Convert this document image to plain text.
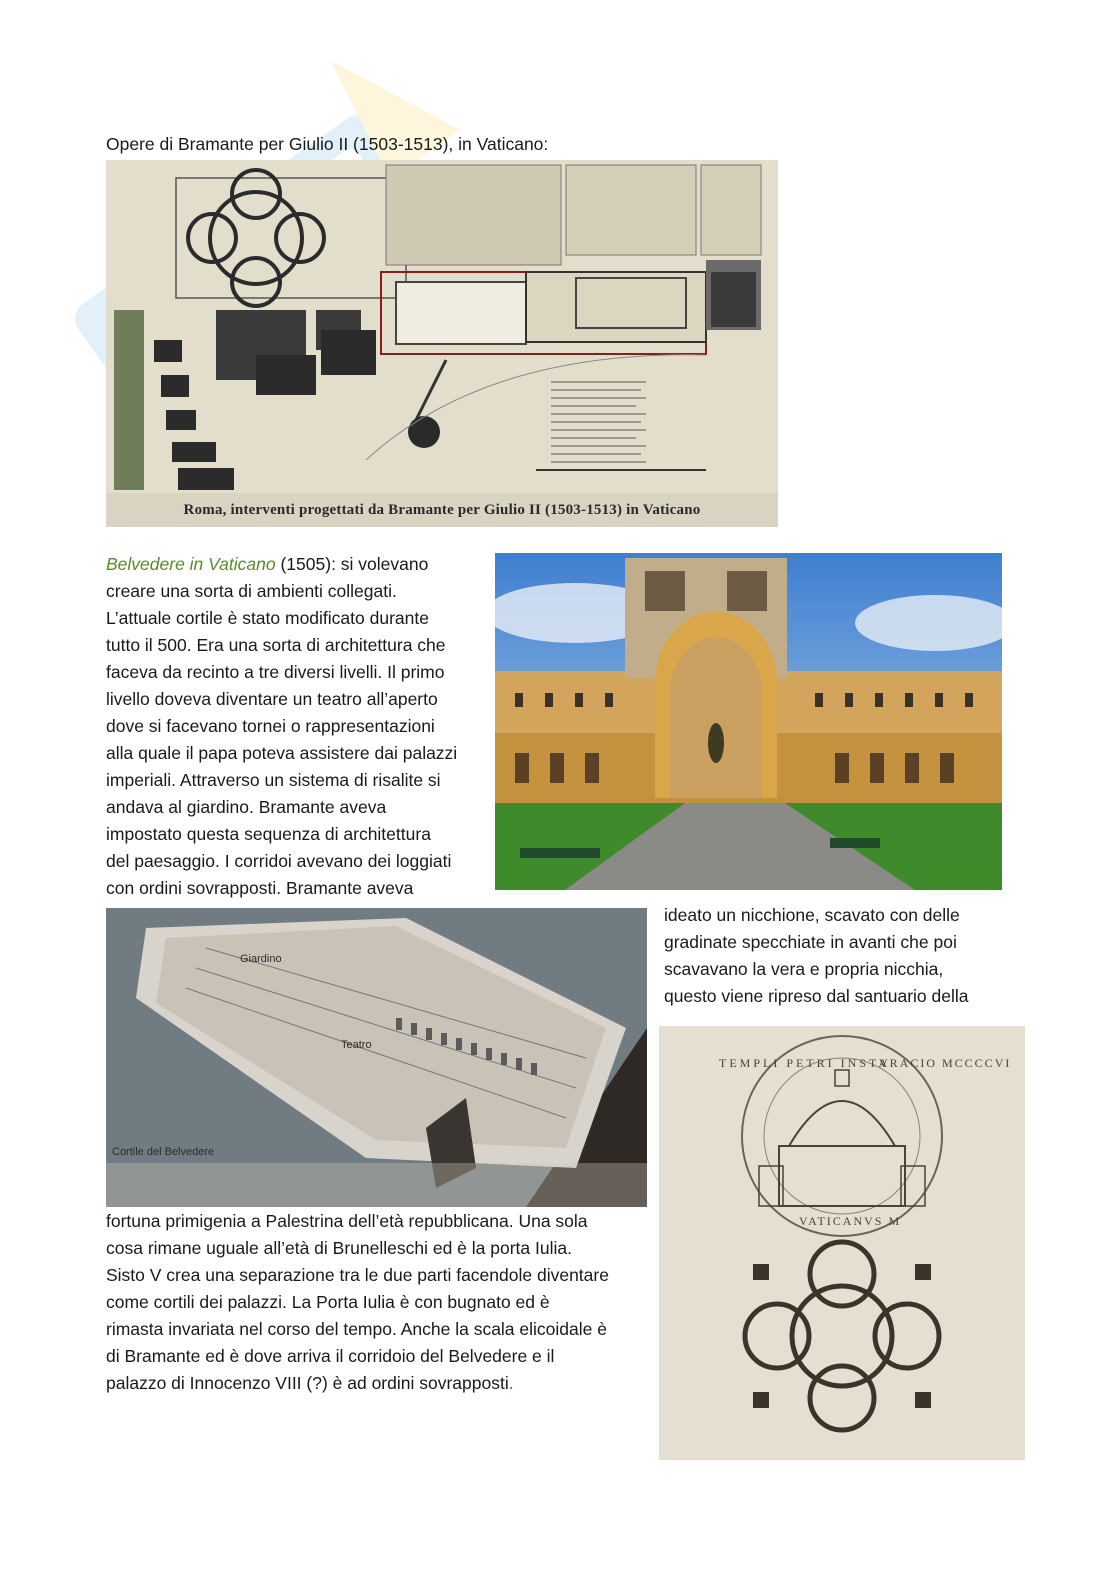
Opere di Bramante per Giulio II (1503-1513), in Vaticano:

Roma, interventi progettati da Bramante per Giulio II (1503-1513) in Vaticano
Belvedere in Vaticano (1505): si volevano
creare una sorta di ambienti collegati.
L’attuale cortile è stato modificato durante
tutto il 500. Era una sorta di architettura che
faceva da recinto a tre diversi livelli. Il primo
livello doveva diventare un teatro all’aperto
dove si facevano tornei o rappresentazioni
alla quale il papa poteva assistere dai palazzi
imperiali. Attraverso un sistema di risalite si
andava al giardino. Bramante aveva
impostato questa sequenza di architettura
del paesaggio. I corridoi avevano dei loggiati
con ordini sovrapposti. Bramante aveva
ideato un nicchione, scavato con delle
gradinate specchiate in avanti che poi
scavavano la vera e propria nicchia,
questo viene ripreso dal santuario della
Giardino
Teatro
Cortile del Belvedere
TEMPLI PETRI INSTA
VRACIO MCCCCVI
VATICANVS M
fortuna primigenia a Palestrina dell’età repubblicana. Una sola
cosa rimane uguale all’età di Brunelleschi ed è la porta Iulia.
Sisto V crea una separazione tra le due parti facendole diventare
come cortili dei palazzi. La Porta Iulia è con bugnato ed è
rimasta invariata nel corso del tempo. Anche la scala elicoidale è
di Bramante ed è dove arriva il corridoio del Belvedere e il
palazzo di Innocenzo VIII (?) è ad ordini sovrapposti.
